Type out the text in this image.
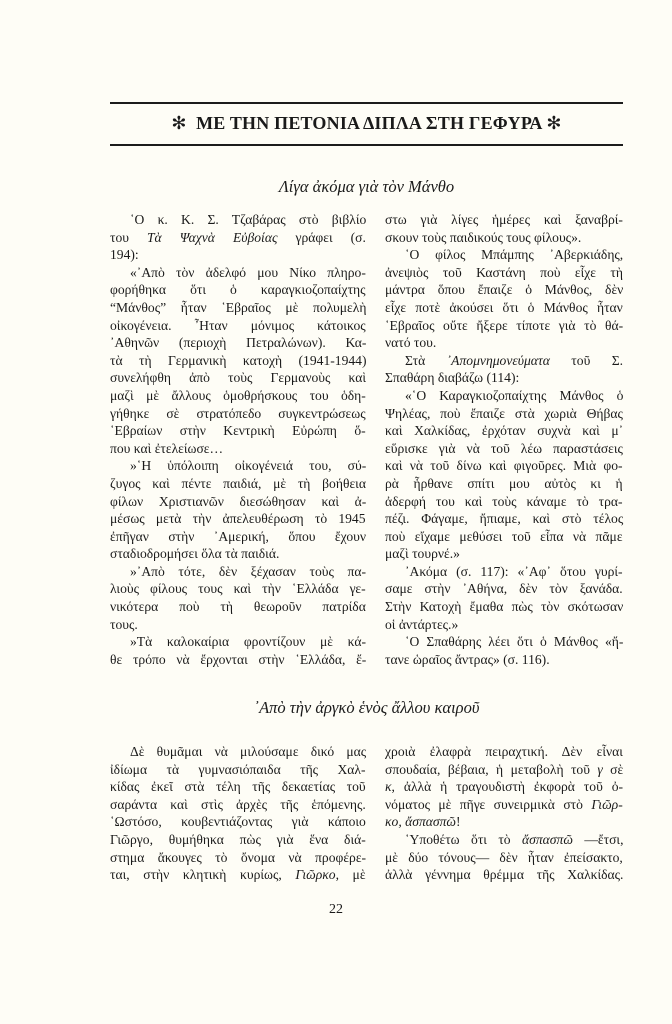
✻ ΜΕ ΤΗΝ ΠΕΤΟΝΙΑ ΔΙΠΛΑ ΣΤΗ ΓΕΦΥΡΑ ✻
Λίγα ἀκόμα γιὰ τὸν Μάνθο
῾Ο κ. Κ. Σ. Τζαβάρας στὸ βιβλίο
του Τὰ Ψαχνὰ Εὐβοίας γράφει (σ.
194):
«᾿Απὸ τὸν ἀδελφό μου Νίκο πληρο-
φορήθηκα ὅτι ὁ καραγκιοζοπαίχτης
“Μάνθος” ἦταν ῾Εβραῖος μὲ πολυμελὴ
οἰκογένεια. ῏Ηταν μόνιμος κάτοικος
᾿Αθηνῶν (περιοχὴ Πετραλώνων). Κα-
τὰ τὴ Γερμανικὴ κατοχὴ (1941-1944)
συνελήφθη ἀπὸ τοὺς Γερμανοὺς καὶ
μαζὶ μὲ ἄλλους ὁμοθρήσκους του ὁδη-
γήθηκε σὲ στρατόπεδο συγκεντρώσεως
῾Εβραίων στὴν Κεντρικὴ Εὐρώπη ὅ-
που καὶ ἐτελείωσε…
»῾Η ὑπόλοιπη οἰκογένειά του, σύ-
ζυγος καὶ πέντε παιδιά, μὲ τὴ βοήθεια
φίλων Χριστιανῶν διεσώθησαν καὶ ἀ-
μέσως μετὰ τὴν ἀπελευθέρωση τὸ 1945
ἐπῆγαν στὴν ᾿Αμερική, ὅπου ἔχουν
σταδιοδρομήσει ὅλα τὰ παιδιά.
»᾿Απὸ τότε, δὲν ξέχασαν τοὺς πα-
λιοὺς φίλους τους καὶ τὴν ῾Ελλάδα γε-
νικότερα ποὺ τὴ θεωροῦν πατρίδα
τους.
»Τὰ καλοκαίρια φροντίζουν μὲ κά-
θε τρόπο νὰ ἔρχονται στὴν ῾Ελλάδα, ἔ-
στω γιὰ λίγες ἡμέρες καὶ ξαναβρί-
σκουν τοὺς παιδικούς τους φίλους».
῾Ο φίλος Μπάμπης ᾿Αβερκιάδης,
ἀνεψιὸς τοῦ Καστάνη ποὺ εἶχε τὴ
μάντρα ὅπου ἔπαιζε ὁ Μάνθος, δὲν
εἶχε ποτὲ ἀκούσει ὅτι ὁ Μάνθος ἦταν
῾Εβραῖος οὔτε ἤξερε τίποτε γιὰ τὸ θά-
νατό του.
Στὰ ᾿Απομνημονεύματα τοῦ Σ.
Σπαθάρη διαβάζω (114):
«῾Ο Καραγκιοζοπαίχτης Μάνθος ὁ
Ψηλέας, ποὺ ἔπαιζε στὰ χωριὰ Θήβας
καὶ Χαλκίδας, ἐρχόταν συχνὰ καὶ μ᾿
εὕρισκε γιὰ νὰ τοῦ λέω παραστάσεις
καὶ νὰ τοῦ δίνω καὶ φιγοῦρες. Μιὰ φο-
ρὰ ἦρθανε σπίτι μου αὐτὸς κι ἡ
ἀδερφή του καὶ τοὺς κάναμε τὸ τρα-
πέζι. Φάγαμε, ἤπιαμε, καὶ στὸ τέλος
ποὺ εἴχαμε μεθύσει τοῦ εἶπα νὰ πᾶμε
μαζὶ τουρνέ.»
᾿Ακόμα (σ. 117): «᾿Αφ᾿ ὅτου γυρί-
σαμε στὴν ᾿Αθήνα, δὲν τὸν ξανάδα.
Στὴν Κατοχὴ ἔμαθα πὼς τὸν σκότωσαν
οἱ ἀντάρτες.»
῾Ο Σπαθάρης λέει ὅτι ὁ Μάνθος «ἤ-
τανε ὡραῖος ἄντρας» (σ. 116).
᾿Απὸ τὴν ἀργκὸ ἑνὸς ἄλλου καιροῦ
Δὲ θυμᾶμαι νὰ μιλούσαμε δικό μας
ἰδίωμα τὰ γυμνασιόπαιδα τῆς Χαλ-
κίδας ἐκεῖ στὰ τέλη τῆς δεκαετίας τοῦ
σαράντα καὶ στὶς ἀρχὲς τῆς ἑπόμενης.
῾Ωστόσο, κουβεντιάζοντας γιὰ κάποιο
Γιῶργο, θυμήθηκα πὼς γιὰ ἕνα διά-
στημα ἄκουγες τὸ ὄνομα νὰ προφέρε-
ται, στὴν κλητικὴ κυρίως, Γιῶρκο, μὲ
χροιὰ ἐλαφρὰ πειραχτική. Δὲν εἶναι
σπουδαία, βέβαια, ἡ μεταβολὴ τοῦ γ σὲ
κ, ἀλλὰ ἡ τραγουδιστὴ ἐκφορὰ τοῦ ὀ-
νόματος μὲ πῆγε συνειρμικὰ στὸ Γιῶρ-
κο, ἄσπασπῶ!
῾Υποθέτω ὅτι τὸ ἄσπασπῶ —ἔτσι,
μὲ δύο τόνους— δὲν ἦταν ἐπείσακτο,
ἀλλὰ γέννημα θρέμμα τῆς Χαλκίδας.
22
